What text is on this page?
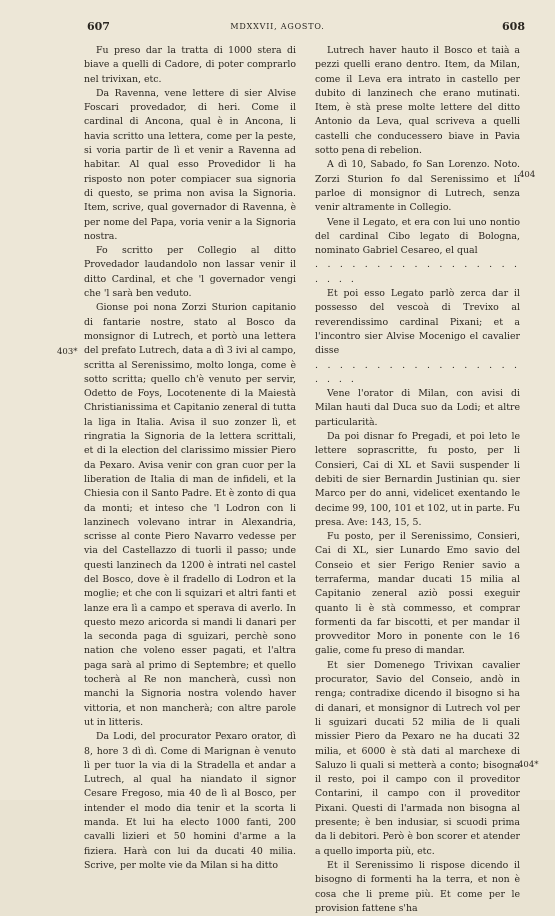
607	MDXXVII, AGOSTO.	608
403*
404
404*

Fu preso dar la tratta di 1000 stera di biave a quelli di Cadore, di poter comprarlo nel trivixan, etc.

Da Ravenna, vene lettere di sier Alvise Foscari provedador, di heri. Come il cardinal di Ancona, qual è in Ancona, li havia scritto una lettera, come per la peste, si voria partir de lì et venir a Ravenna ad habitar. Al qual esso Provedidor li ha risposto non poter compiacer sua signoria di questo, se prima non avisa la Signoria. Item, scrive, qual governador di Ravenna, è per nome del Papa, voria venir a la Signoria nostra.

Fo scritto per Collegio al ditto Provedador laudandolo non lassar venir il ditto Cardinal, et che 'l governador vengi che 'l sarà ben veduto.

Gionse poi nona Zorzi Sturion capitanio di fantarie nostre, stato al Bosco da monsignor di Lutrech, et portò una lettera del prefato Lutrech, data a dì 3 ivi al campo, scritta al Serenissimo, molto longa, come è sotto scritta; quello ch'è venuto per servir, Odetto de Foys, Locotenente di la Maiestà Christianissima et Capitanio zeneral di tutta la liga in Italia. Avisa il suo zonzer lì, et ringratia la Signoria de la lettera scrittali, et di la election del clarissimo missier Piero da Pexaro. Avisa venir con gran cuor per la liberation de Italia di man de infideli, et la Chiesia con il Santo Padre. Et è zonto di qua da monti; et inteso che 'l Lodron con li lanzinech volevano intrar in Alexandria, scrisse al conte Piero Navarro vedesse per via del Castellazzo di tuorli il passo; unde questi lanzinech da 1200 è intrati nel castel del Bosco, dove è il fradello di Lodron et la moglie; et che con li squizari et altri fanti et lanze era lì a campo et sperava di averlo. In questo mezo aricorda si mandi li danari per la seconda paga di sguizari, perchè sono nation che voleno esser pagati, et l'altra paga sarà al primo di Septembre; et quello tocherà al Re non mancherà, cussì non manchi la Signoria nostra volendo haver vittoria, et non mancherà; con altre parole ut in litteris.

Da Lodi, del procurator Pexaro orator, dì 8, hore 3 dì dì. Come di Marignan è venuto lì per tuor la via di la Stradella et andar a Lutrech, al qual ha niandato il signor Cesare Fregoso, mia 40 de lì al Bosco, per intender el modo dia tenir et la scorta li manda. Et lui ha electo 1000 fanti, 200 cavalli lizieri et 50 homini d'arme a la fiziera. Harà con lui da ducati 40 milia. Scrive, per molte vie da Milan si ha ditto

Lutrech haver hauto il Bosco et taià a pezzi quelli erano dentro. Item, da Milan, come il Leva era intrato in castello per dubito di lanzinech che erano mutinati. Item, è stà prese molte lettere del ditto Antonio da Leva, qual scriveva a quelli castelli che conducessero biave in Pavia sotto pena di rebelion.

A dì 10, Sabado, fo San Lorenzo. Noto. Zorzi Sturion fo dal Serenissimo et li parloe di monsignor di Lutrech, senza venir altramente in Collegio.

Vene il Legato, et era con lui uno nontio del cardinal Cibo legato di Bologna, nominato Gabriel Cesareo, el qual

. . . . . . . . . . . . . . . . . . . . .

Et poi esso Legato parlò zerca dar il possesso del vescoà di Trevixo al reverendissimo cardinal Pixani; et a l'incontro sier Alvise Mocenigo el cavalier disse

. . . . . . . . . . . . . . . . . . . . .

Vene l'orator di Milan, con avisi di Milan hauti dal Duca suo da Lodi; et altre particularità.

Da poi disnar fo Pregadi, et poi leto le lettere soprascritte, fu posto, per li Consieri, Cai di XL et Savii suspender li debiti de sier Bernardin Justinian qu. sier Marco per do anni, videlicet exentando le decime 99, 100, 101 et 102, ut in parte. Fu presa. Ave: 143, 15, 5.

Fu posto, per il Serenissimo, Consieri, Cai di XL, sier Lunardo Emo savio del Conseio et sier Ferigo Renier savio a terraferma, mandar ducati 15 milia al Capitanio zeneral aziò possi exeguir quanto li è stà commesso, et comprar formenti da far biscotti, et per mandar il provveditor Moro in ponente con le 16 galie, come fu preso di mandar.

Et sier Domenego Trivixan cavalier procurator, Savio del Conseio, andò in renga; contradixe dicendo il bisogno si ha di danari, et monsignor di Lutrech vol per li sguizari ducati 52 milia de li quali missier Piero da Pexaro ne ha ducati 32 milia, et 6000 è stà dati al marchexe di Saluzo li quali si metterà a conto; bisogna il resto, poi il campo con il proveditor Contarini, il campo con il proveditor Pixani. Questi di l'armada non bisogna al presente; è ben indusiar, si scuodi prima da li debitori. Però è bon scorer et atender a quello importa più, etc.

Et il Serenissimo li rispose dicendo il bisogno di formenti ha la terra, et non è cosa che li preme più. Et come per le provision fattene s'ha
